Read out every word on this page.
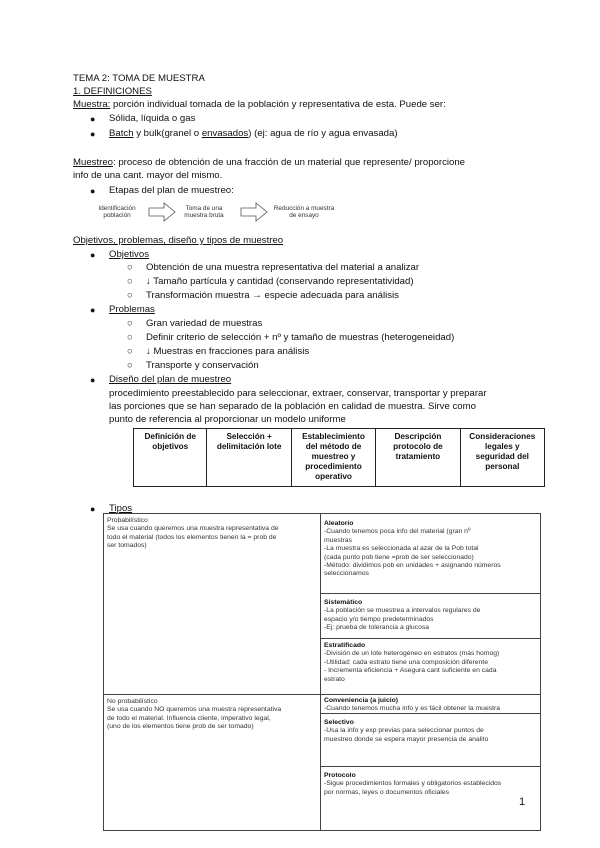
TEMA 2: TOMA DE MUESTRA
1. DEFINICIONES
Muestra: porción individual tomada de la población y representativa de esta. Puede ser:
● Sólida, líquida o gas
● Batch y bulk(granel o envasados) (ej: agua de río y agua envasada)
Muestreo: proceso de obtención de una fracción de un material que represente/ proporcione
info de una cant. mayor del mismo.
● Etapas del plan de muestreo:
Identificación población
Toma de una muestra bruta
Reducción a muestra de ensayo
Objetivos, problemas, diseño y tipos de muestreo
● Objetivos
○ Obtención de una muestra representativa del material a analizar
○ ↓ Tamaño partícula y cantidad (conservando representatividad)
○ Transformación muestra → especie adecuada para análisis
● Problemas
○ Gran variedad de muestras
○ Definir criterio de selección + nº y tamaño de muestras (heterogeneidad)
○ ↓ Muestras en fracciones para análisis
○ Transporte y conservación
● Diseño del plan de muestreo
procedimiento preestablecido para seleccionar, extraer, conservar, transportar y preparar
las porciones que se han separado de la población en calidad de muestra. Sirve como
punto de referencia al proporcionar un modelo uniforme
Definición de
objetivos

Selección +
delimitación lote

Establecimiento
del método de
muestreo y
procedimiento
operativo

Descripción
protocolo de
tratamiento

Consideraciones
legales y
seguridad del
personal
● Tipos
Probabilístico
Se usa cuando queremos una muestra representativa de
todo el material (todos los elementos tienen la = prob de
ser tomados)
Aleatorio
-Cuando tenemos poca info del material (gran nº
muestras
-La muestra es seleccionada al azar de la Pob total
(cada punto pob tiene =prob de ser seleccionado)
-Método: dividimos pob en unidades + asignando números
seleccionamos
Sistemático
-La población se muestrea a intervalos regulares de
espacio y/o tiempo predeterminados
-Ej: prueba de tolerancia a glucosa
Estratificado
-División de un lote heterogéneo en estratos (más homog)
-Utilidad: cada estrato tiene una composición diferente
- Incrementa eficiencia + Asegura cant suficiente en cada
estrato
No probabilístico
Se usa cuando NO queremos una muestra representativa
de todo el material. Influencia cliente, imperativo legal,
(uno de los elementos tiene prob de ser tomado)
Conveniencia (a juicio)
-Cuando tenemos mucha info y es fácil obtener la muestra
Selectivo
-Usa la info y exp previas para seleccionar puntos de
muestreo donde se espera mayor presencia de analito
Protocolo
-Sigue procedimientos formales y obligatorios establecidos
por normas, leyes o documentos oficiales
1
